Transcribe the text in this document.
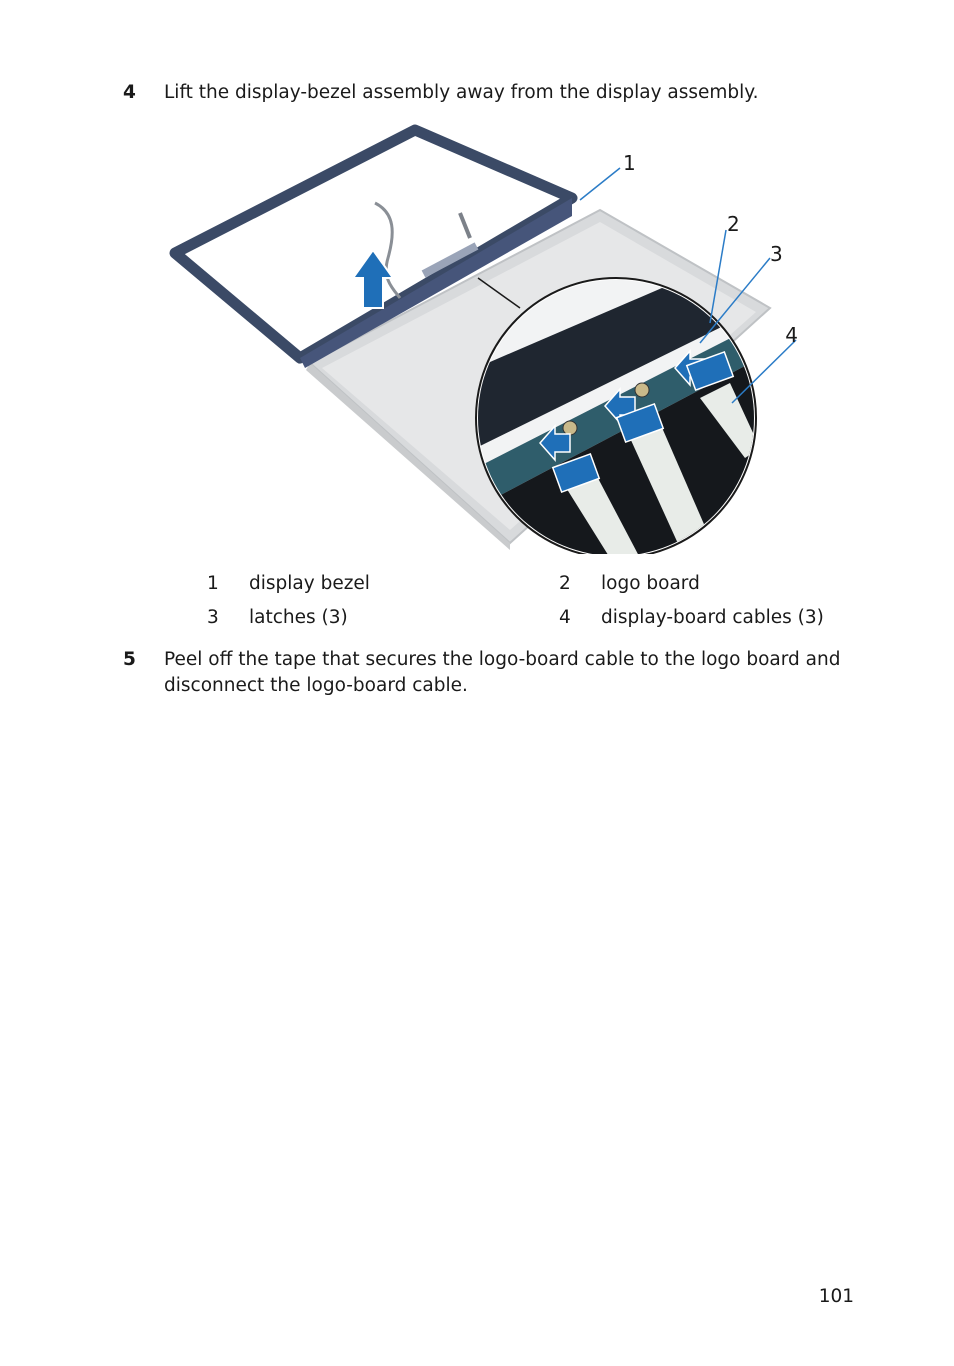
4 Lift the display-bezel assembly away from the display assembly.
1
2
3
4
1 display bezel	2 logo board
3 latches (3)	4 display-board cables (3)
5 Peel off the tape that secures the logo-board cable to the logo board and disconnect the logo-board cable.
101
